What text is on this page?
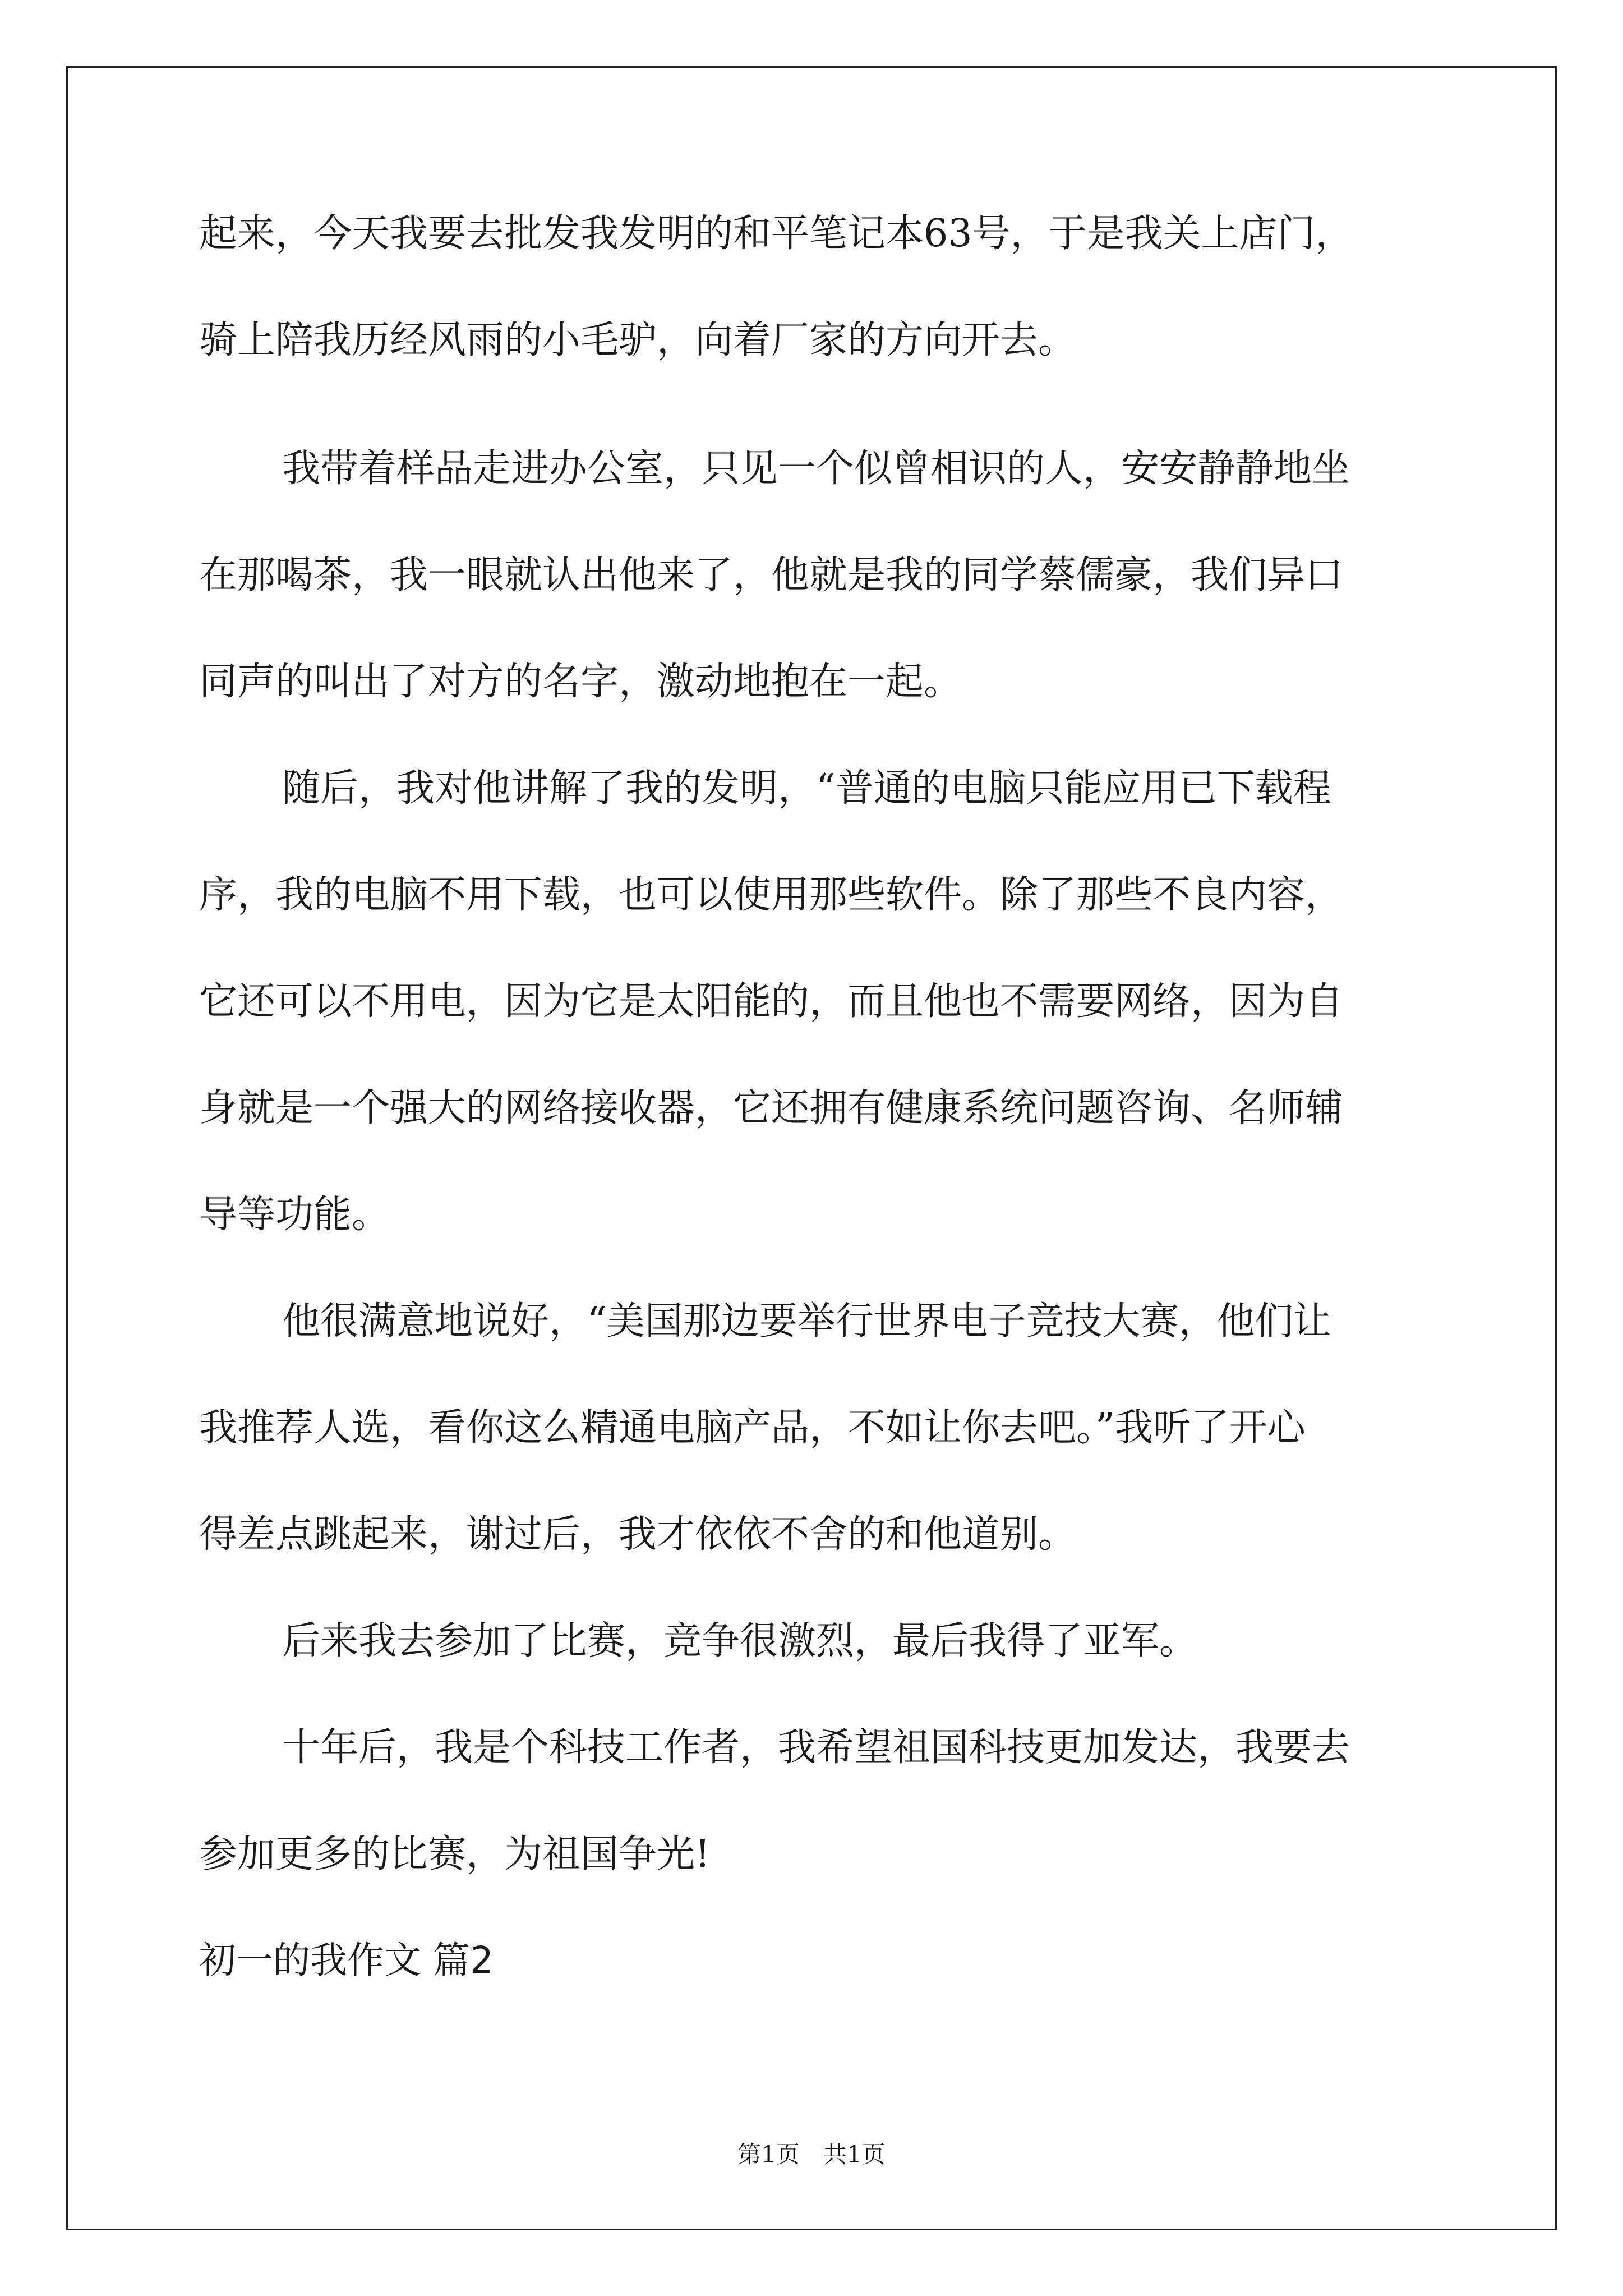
起来，今天我要去批发我发明的和平笔记本63号，于是我关上店门，
骑上陪我历经风雨的小毛驴，向着厂家的方向开去。
我带着样品走进办公室，只见一个似曾相识的人，安安静静地坐
在那喝茶，我一眼就认出他来了，他就是我的同学蔡儒豪，我们异口
同声的叫出了对方的名字，激动地抱在一起。
随后，我对他讲解了我的发明，“普通的电脑只能应用已下载程
序，我的电脑不用下载，也可以使用那些软件。除了那些不良内容，
它还可以不用电，因为它是太阳能的，而且他也不需要网络，因为自
身就是一个强大的网络接收器，它还拥有健康系统问题咨询、名师辅
导等功能。
他很满意地说好，“美国那边要举行世界电子竞技大赛，他们让
我推荐人选，看你这么精通电脑产品，不如让你去吧。”我听了开心
得差点跳起来，谢过后，我才依依不舍的和他道别。
后来我去参加了比赛，竞争很激烈，最后我得了亚军。
十年后，我是个科技工作者，我希望祖国科技更加发达，我要去
参加更多的比赛，为祖国争光!
初一的我作文 篇2
第1页　共1页
